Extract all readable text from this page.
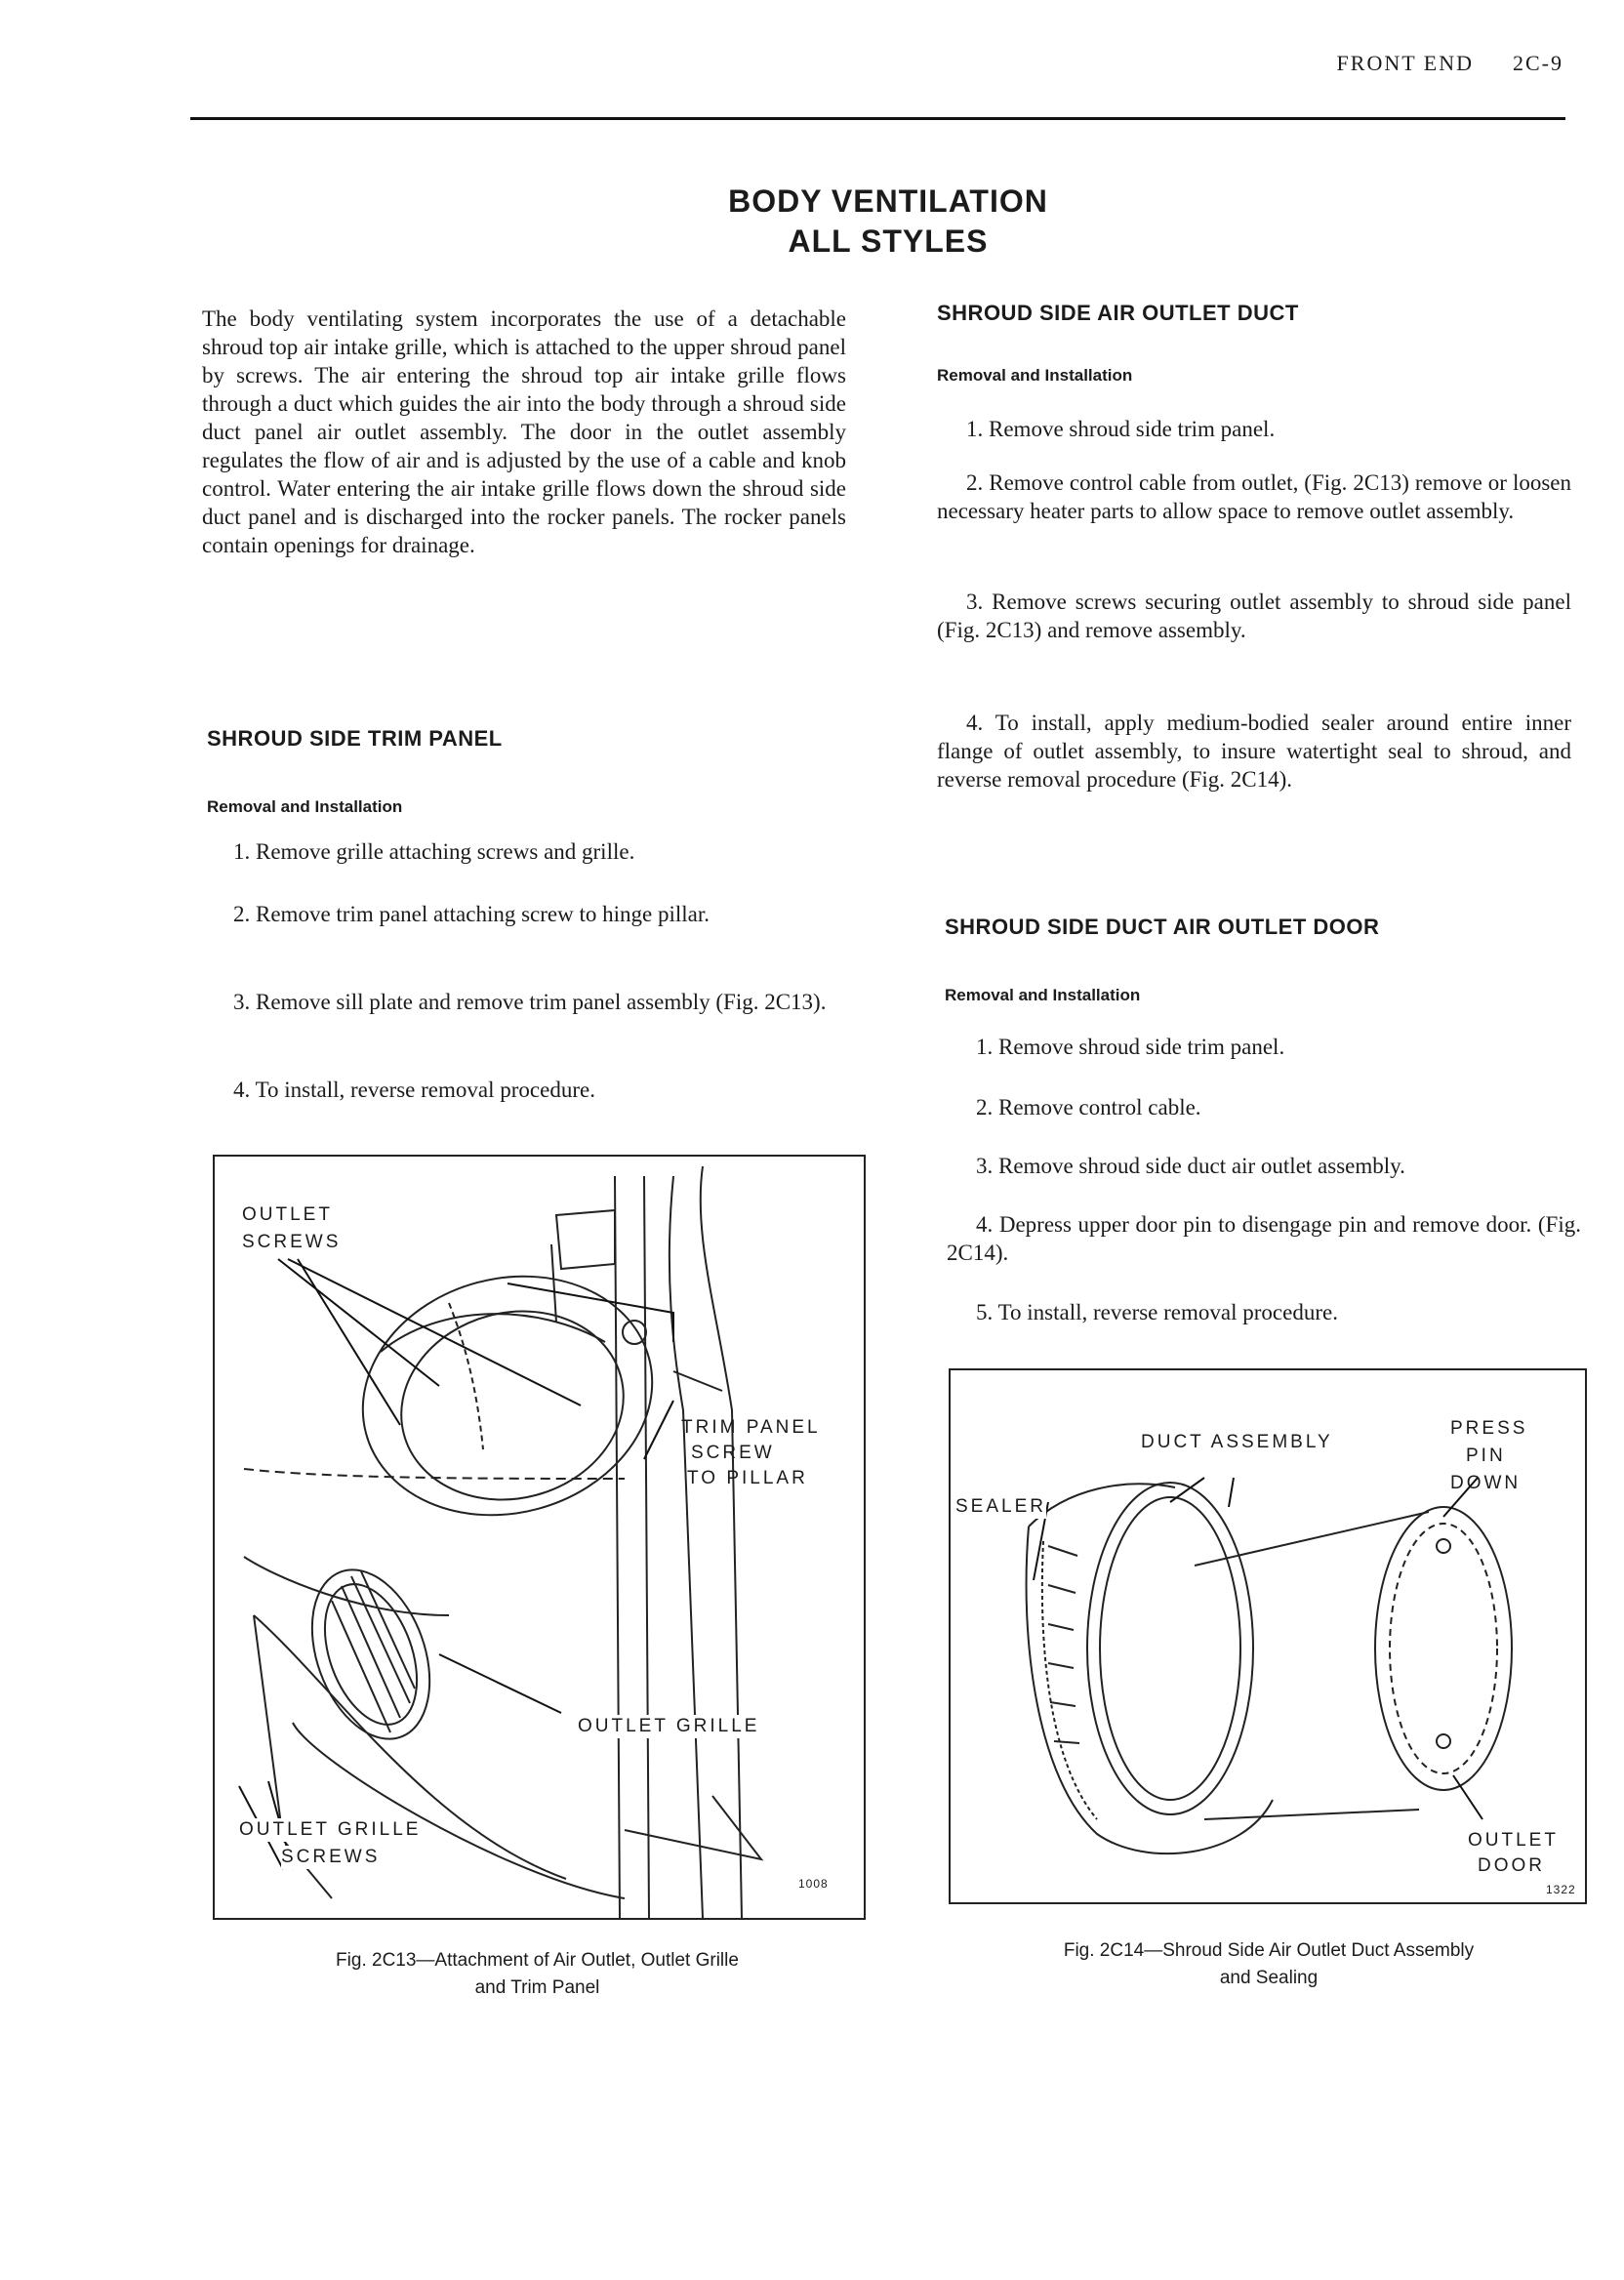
FRONT END 2C-9
BODY VENTILATION
ALL STYLES
The body ventilating system incorporates the use of a detachable shroud top air intake grille, which is attached to the upper shroud panel by screws. The air entering the shroud top air intake grille flows through a duct which guides the air into the body through a shroud side duct panel air outlet assembly. The door in the outlet assembly regulates the flow of air and is adjusted by the use of a cable and knob control. Water entering the air intake grille flows down the shroud side duct panel and is discharged into the rocker panels. The rocker panels contain openings for drainage.
SHROUD SIDE TRIM PANEL
Removal and Installation
1. Remove grille attaching screws and grille.
2. Remove trim panel attaching screw to hinge pillar.
3. Remove sill plate and remove trim panel assembly (Fig. 2C13).
4. To install, reverse removal procedure.
SHROUD SIDE AIR OUTLET DUCT
Removal and Installation
1. Remove shroud side trim panel.
2. Remove control cable from outlet, (Fig. 2C13) remove or loosen necessary heater parts to allow space to remove outlet assembly.
3. Remove screws securing outlet assembly to shroud side panel (Fig. 2C13) and remove assembly.
4. To install, apply medium-bodied sealer around entire inner flange of outlet assembly, to insure watertight seal to shroud, and reverse removal procedure (Fig. 2C14).
SHROUD SIDE DUCT AIR OUTLET DOOR
Removal and Installation
1. Remove shroud side trim panel.
2. Remove control cable.
3. Remove shroud side duct air outlet assembly.
4. Depress upper door pin to disengage pin and remove door. (Fig. 2C14).
5. To install, reverse removal procedure.
OUTLET
SCREWS
TRIM PANEL
SCREW
TO PILLAR
OUTLET GRILLE
OUTLET GRILLE
SCREWS
1008
Fig. 2C13—Attachment of Air Outlet, Outlet Grille
and Trim Panel
DUCT ASSEMBLY
PRESS
PIN
DOWN
SEALER
OUTLET
DOOR
1322
Fig. 2C14—Shroud Side Air Outlet Duct Assembly
and Sealing
